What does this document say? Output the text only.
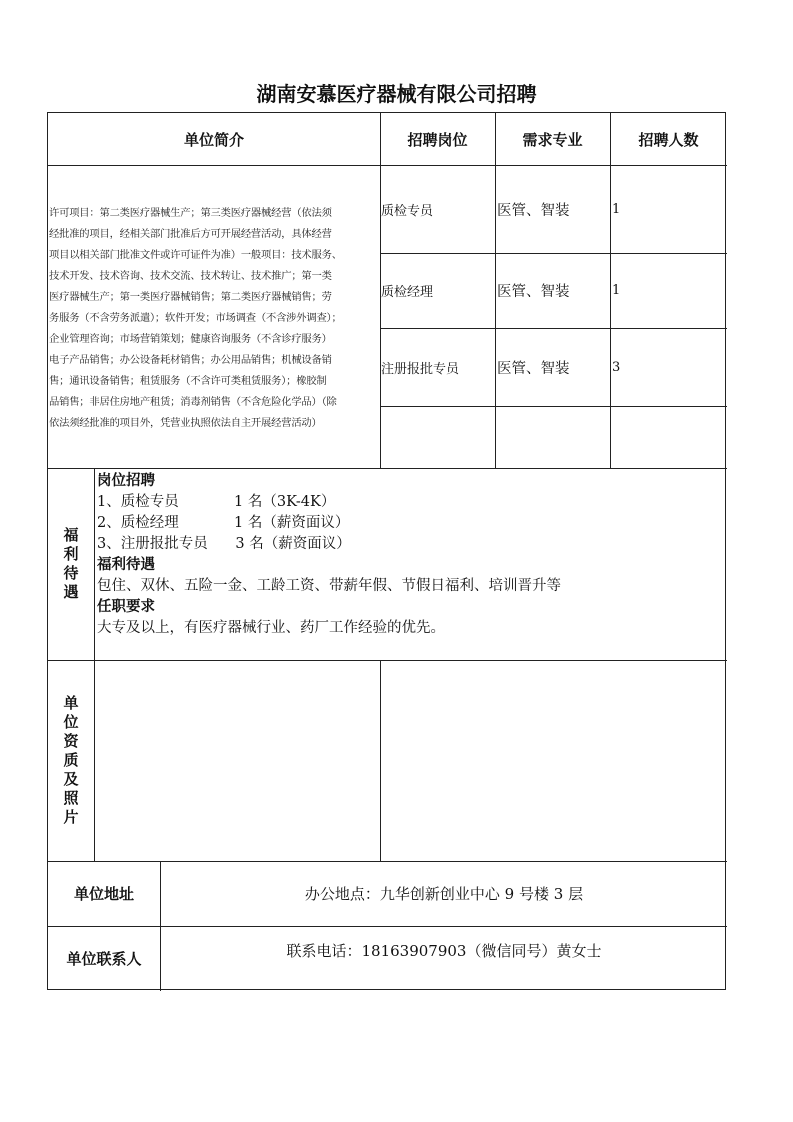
湖南安慕医疗器械有限公司招聘
单位简介	招聘岗位	需求专业	招聘人数
许可项目：第二类医疗器械生产；第三类医疗器械经营（依法须
经批准的项目，经相关部门批准后方可开展经营活动，具体经营
项目以相关部门批准文件或许可证件为准）一般项目：技术服务、
技术开发、技术咨询、技术交流、技术转让、技术推广；第一类
医疗器械生产；第一类医疗器械销售；第二类医疗器械销售；劳
务服务（不含劳务派遣）；软件开发；市场调查（不含涉外调查）；
企业管理咨询；市场营销策划；健康咨询服务（不含诊疗服务）
电子产品销售；办公设备耗材销售；办公用品销售；机械设备销
售；通讯设备销售；租赁服务（不含许可类租赁服务）；橡胶制
品销售；非居住房地产租赁；消毒剂销售（不含危险化学品）（除
依法须经批准的项目外，凭营业执照依法自主开展经营活动）
质检专员	医管、智装	1
质检经理	医管、智装	1
注册报批专员	医管、智装	3
福
利
待
遇
岗位招聘
1、质检专员            1 名（3K-4K）
2、质检经理            1 名（薪资面议）
3、注册报批专员      3 名（薪资面议）
福利待遇
包住、双休、五险一金、工龄工资、带薪年假、节假日福利、培训晋升等
任职要求
大专及以上，有医疗器械行业、药厂工作经验的优先。
单
位
资
质
及
照
片
单位地址	办公地点：九华创新创业中心 9 号楼 3 层
单位联系人	联系电话：18163907903（微信同号）黄女士
